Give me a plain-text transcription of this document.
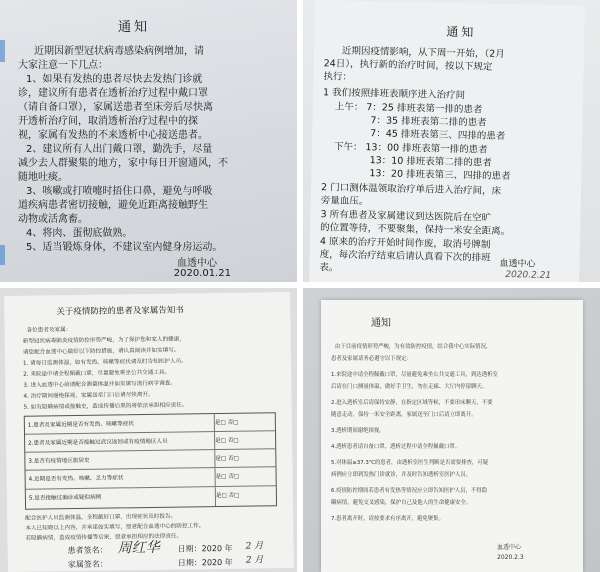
通知
近期因新型冠状病毒感染病例增加，请
大家注意一下几点：
1、如果有发热的患者尽快去发热门诊就
诊，建议所有患者在透析治疗过程中戴口罩
（请自备口罩），家属送患者至床旁后尽快离
开透析治疗间，取消透析治疗过程中的探
视，家属有发热的不来透析中心接送患者。
2、建议所有人出门戴口罩，勤洗手，尽量
减少去人群聚集的地方，家中每日开窗通风，不
随地吐痰。
3、咳嗽或打喷嚏时捂住口鼻，避免与呼吸
道疾病患者密切接触，避免近距离接触野生
动物或活禽畜。
4、将肉、蛋彻底做熟。
5、适当锻炼身体，不建议室内健身房运动。
血透中心
2020.01.21
通知
近期因疫情影响，从下周一开始，（2月
24日），执行新的治疗时间，按以下规定
执行：
1 我们按照排班表顺序进入治疗间
上午： 7：25 排班表第一排的患者
7：35 排班表第二排的患者
7：45 排班表第三、四排的患者
下午： 13：00 排班表第一排的患者
13：10 排班表第二排的患者
13：20 排班表第三、四排的患者
2 门口测体温领取治疗单后进入治疗间，床
旁量血压。
3 所有患者及家属建议到达医院后在空旷
的位置等待，不要聚集，保持一米安全距离。
4 原来的治疗开始时间作废，取消号牌制
度，每次治疗结束后请认真看下次的排班
表。	血透中心
2020.2.21
关于疫情防控的患者及家属告知书
各位患者及家属：
新型冠状病毒肺炎疫情防控形势严峻，为了保护您和家人的健康，
请您配合血透中心做好以下防控措施，请认真阅读并如实填写。
1. 请每日监测体温，如有发热、咳嗽等症状请及时告知医护人员。
2. 来院途中请全程佩戴口罩，尽量避免乘坐公共交通工具。
3. 进入血透中心前请配合测量体温并如实填写流行病学调查。
4. 治疗期间谢绝探视，家属送至门口后请尽快离开。
5. 如有隐瞒病情或接触史，造成传播后果的将依法承担相应责任。
1.患者及家属近期是否有发热、咳嗽等症状	是□ 否□
2.患者及家属近期是否接触过武汉返回或有疫情地区人员	是□ 否□
3.是否有疫情地区旅居史	是□ 否□
4.近期是否有发热、咳嗽、乏力等症状	是□ 否□
5.是否接触过确诊或疑似病例	是□ 否□
配合医护人员监测体温，全程戴好口罩，出现症状及时报告。
本人已知晓以上内容，并承诺如实填写，愿意配合血透中心的防控工作。
若隐瞒病情，造成疫情传播等后果，愿意承担相应的法律责任。
患者签名： 周红华 日期：2020 年 2 月
家属签名：	日期：2020 年 2 月
通知
由于目前疫情形势严峻，为有效防控疫情，结合我中心实际情况，
患者及家属请务必遵守以下规定：
1.来院途中请全程佩戴口罩，尽量避免乘坐公共交通工具，到达透析室
后请在门口测量体温，做好手卫生，勿在走廊、大厅内停留聊天。
2.进入透析室后请保持安静，在指定区域等候，不要串床聊天，不要
随意走动，保持一米安全距离，家属送至门口后请立即离开。
3.透析期间谢绝探视。
4.透析患者请自备口罩，透析过程中请全程佩戴口罩。
5.对体温≥37.3℃的患者，由透析室医生判断是否需要排查，可疑
病例应立即到发热门诊就诊，并及时告知透析室医护人员。
6.疫情防控期间若患者有发热等情况应立即告知医护人员，不得隐
瞒病情，避免交叉感染，保护自己及他人的生命健康安全。
7.患者离开时，请按要求有序离开，避免聚集。
血透中心
2020.2.3
